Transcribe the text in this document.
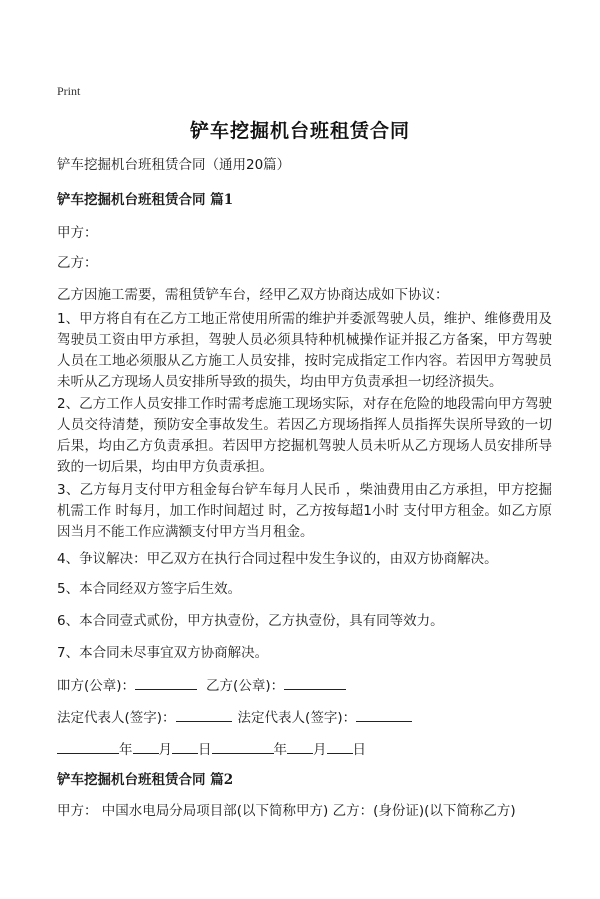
Print
铲车挖掘机台班租赁合同
铲车挖掘机台班租赁合同（通用20篇）
铲车挖掘机台班租赁合同 篇1
甲方：
乙方：
乙方因施工需要，需租赁铲车台，经甲乙双方协商达成如下协议：
1、甲方将自有在乙方工地正常使用所需的维护并委派驾驶人员，维护、维修费用及驾驶员工资由甲方承担，驾驶人员必须具特种机械操作证并报乙方备案，甲方驾驶人员在工地必须服从乙方施工人员安排，按时完成指定工作内容。若因甲方驾驶员未听从乙方现场人员安排所导致的损失，均由甲方负责承担一切经济损失。
2、乙方工作人员安排工作时需考虑施工现场实际，对存在危险的地段需向甲方驾驶人员交待清楚，预防安全事故发生。若因乙方现场指挥人员指挥失误所导致的一切后果，均由乙方负责承担。若因甲方挖掘机驾驶人员未听从乙方现场人员安排所导致的一切后果，均由甲方负责承担。
3、乙方每月支付甲方租金每台铲车每月人民币 ，柴油费用由乙方承担，甲方挖掘机需工作 时每月，加工作时间超过 时，乙方按每超1小时 支付甲方租金。如乙方原因当月不能工作应满额支付甲方当月租金。
4、争议解决：甲乙双方在执行合同过程中发生争议的，由双方协商解决。
5、本合同经双方签字后生效。
6、本合同壹式贰份，甲方执壹份，乙方执壹份，具有同等效力。
7、本合同未尽事宜双方协商解决。
吅方(公章)：	乙方(公章)：
法定代表人(签字)：	法定代表人(签字)：
年 月 日	年 月 日
铲车挖掘机台班租赁合同 篇2
甲方： 中国水电局分局项目部(以下简称甲方) 乙方：(身份证)(以下简称乙方)
